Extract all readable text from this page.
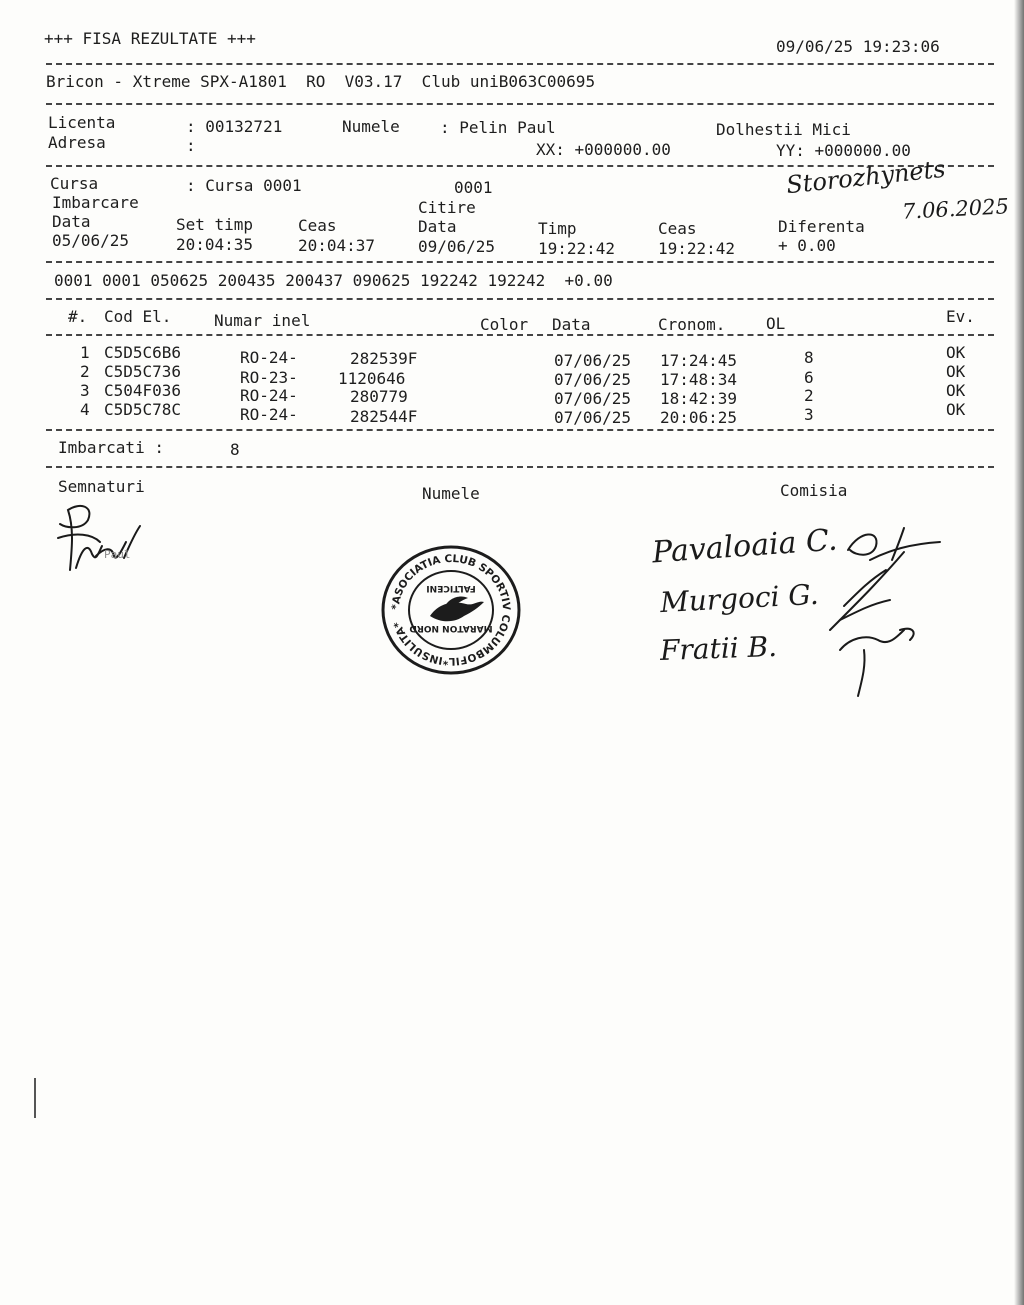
+++ FISA REZULTATE +++	09/06/25 19:23:06
Bricon - Xtreme SPX-A1801  RO  V03.17  Club uniB063C00695
Licenta	: 00132721	Numele	: Pelin Paul	Dolhestii Mici
Adresa	:	XX: +000000.00	YY: +000000.00
Cursa	: Cursa 0001	0001
Imbarcare	Citire
Data	Set timp	Ceas	Data	Timp	Ceas	Diferenta
05/06/25	20:04:35	20:04:37	09/06/25	19:22:42	19:22:42	+ 0.00
Storozhynets
7.06.2025
0001 0001 050625 200435 200437 090625 192242 192242  +0.00
#. Cod El.	Numar inel	Color Data	Cronom.	OL	Ev.
1 C5D5C6B6	RO-24-	282539F	07/06/25 17:24:45	8	OK
2 C5D5C736	RO-23-	1120646	07/06/25 17:48:34	6	OK
3 C504F036	RO-24-	280779	07/06/25 18:42:39	2	OK
4 C5D5C78C	RO-24-	282544F	07/06/25 20:06:25	3	OK
Imbarcati :	8
Semnaturi	Numele	Comisia
Paul
*ASOCIATIA CLUB SPORTIV COLUMBOFIL*INSULITA* MARATON NORD
FALTICENI
Pavaloaia C.
Murgoci G.
Fratii B.
